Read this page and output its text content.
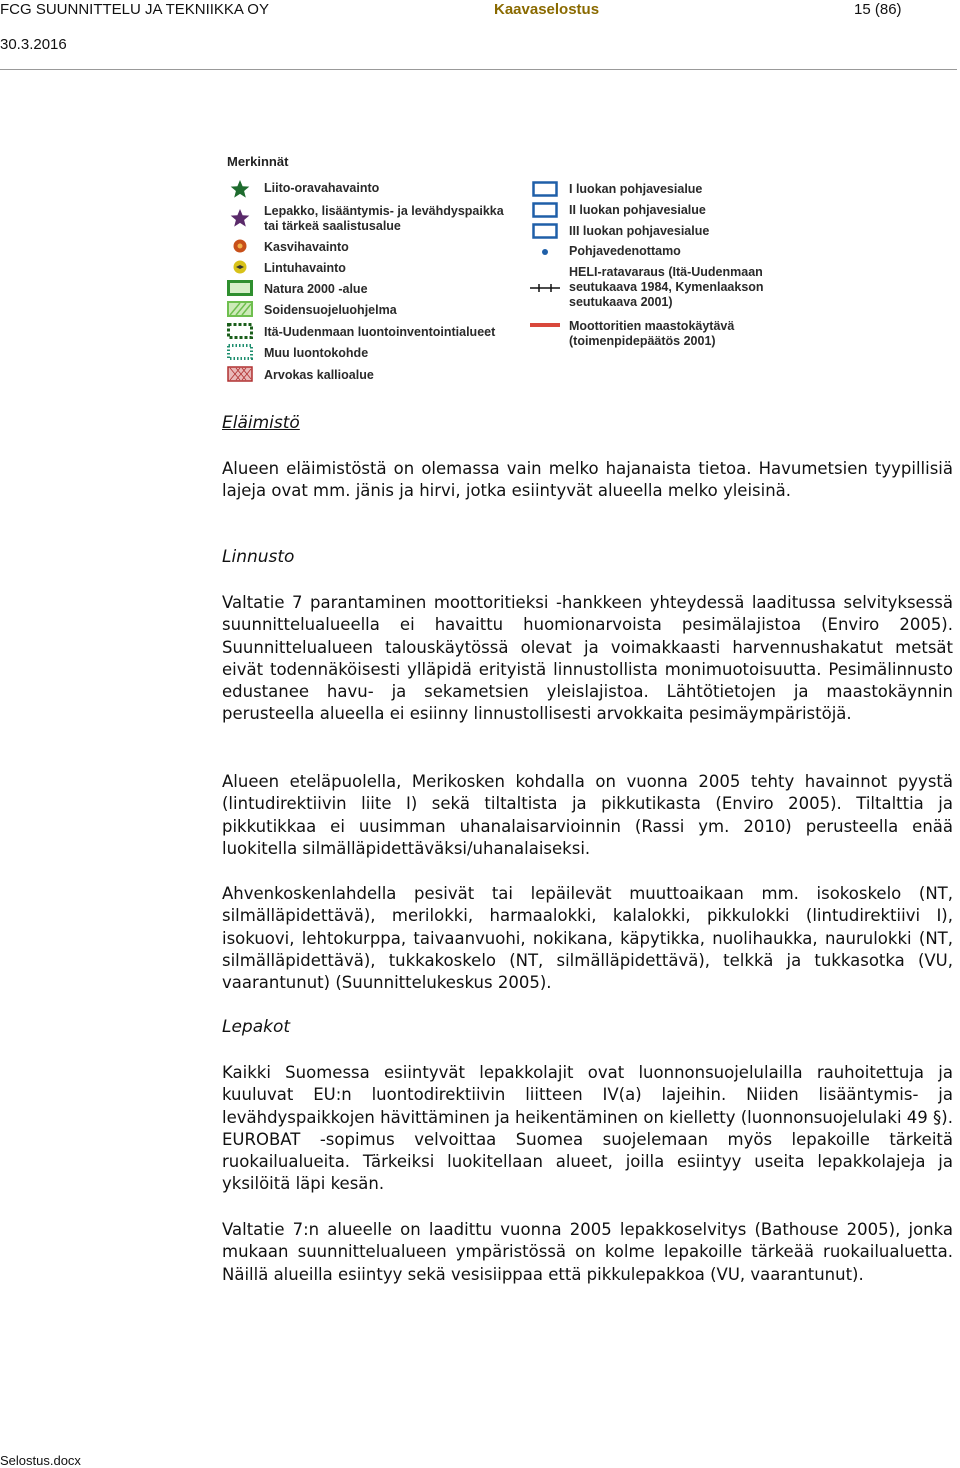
FCG SUUNNITTELU JA TEKNIIKKA OY	Kaavaselostus	15 (86)
30.3.2016
Merkinnät
Liito-oravahavainto
Lepakko, lisääntymis- ja levähdyspaikka
tai tärkeä saalistusalue
Kasvihavainto
Lintuhavainto
Natura 2000 -alue
Soidensuojeluohjelma
Itä-Uudenmaan luontoinventointialueet
Muu luontokohde
Arvokas kallioalue
I luokan pohjavesialue
II luokan pohjavesialue
III luokan pohjavesialue
Pohjavedenottamo
HELI-ratavaraus (Itä-Uudenmaan
seutukaava 1984, Kymenlaakson
seutukaava 2001)
Moottoritien maastokäytävä
(toimenpidepäätös 2001)
Eläimistö

Alueen eläimistöstä on olemassa vain melko hajanaista tietoa. Havumetsien tyypillisiä lajeja ovat mm. jänis ja hirvi, jotka esiintyvät alueella melko yleisinä.

Linnusto

Valtatie 7 parantaminen moottoritieksi -hankkeen yhteydessä laaditussa selvityksessä suunnittelualueella ei havaittu huomionarvoista pesimälajistoa (Enviro 2005). Suunnittelualueen talouskäytössä olevat ja voimakkaasti harvennushakatut metsät eivät todennäköisesti ylläpidä erityistä linnustollista monimuotoisuutta. Pesimälinnusto edustanee havu- ja sekametsien yleislajistoa. Lähtötietojen ja maastokäynnin perusteella alueella ei esiinny linnustollisesti arvokkaita pesimäympäristöjä.

Alueen eteläpuolella, Merikosken kohdalla on vuonna 2005 tehty havainnot pyystä (lintudirektiivin liite I) sekä tiltaltista ja pikkutikasta (Enviro 2005). Tiltalttia ja pikkutikkaa ei uusimman uhanalaisarvioinnin (Rassi ym. 2010) perusteella enää luokitella silmälläpidettäväksi/uhanalaiseksi.

Ahvenkoskenlahdella pesivät tai lepäilevät muuttoaikaan mm. isokoskelo (NT, silmälläpidettävä), merilokki, harmaalokki, kalalokki, pikkulokki (lintudirektiivi I), isokuovi, lehtokurppa, taivaanvuohi, nokikana, käpytikka, nuolihaukka, naurulokki (NT, silmälläpidettävä), tukkakoskelo (NT, silmälläpidettävä), telkkä ja tukkasotka (VU, vaarantunut) (Suunnittelukeskus 2005).

Lepakot

Kaikki Suomessa esiintyvät lepakkolajit ovat luonnonsuojelulailla rauhoitettuja ja kuuluvat EU:n luontodirektiivin liitteen IV(a) lajeihin. Niiden lisääntymis- ja levähdyspaikkojen hävittäminen ja heikentäminen on kielletty (luonnonsuojelulaki 49 §). EUROBAT -sopimus velvoittaa Suomea suojelemaan myös lepakoille tärkeitä ruokailualueita. Tärkeiksi luokitellaan alueet, joilla esiintyy useita lepakkolajeja ja yksilöitä läpi kesän.

Valtatie 7:n alueelle on laadittu vuonna 2005 lepakkoselvitys (Bathouse 2005), jonka mukaan suunnittelualueen ympäristössä on kolme lepakoille tärkeää ruokailualuetta. Näillä alueilla esiintyy sekä vesisiippaa että pikkulepakkoa (VU, vaarantunut).

Selostus.docx
